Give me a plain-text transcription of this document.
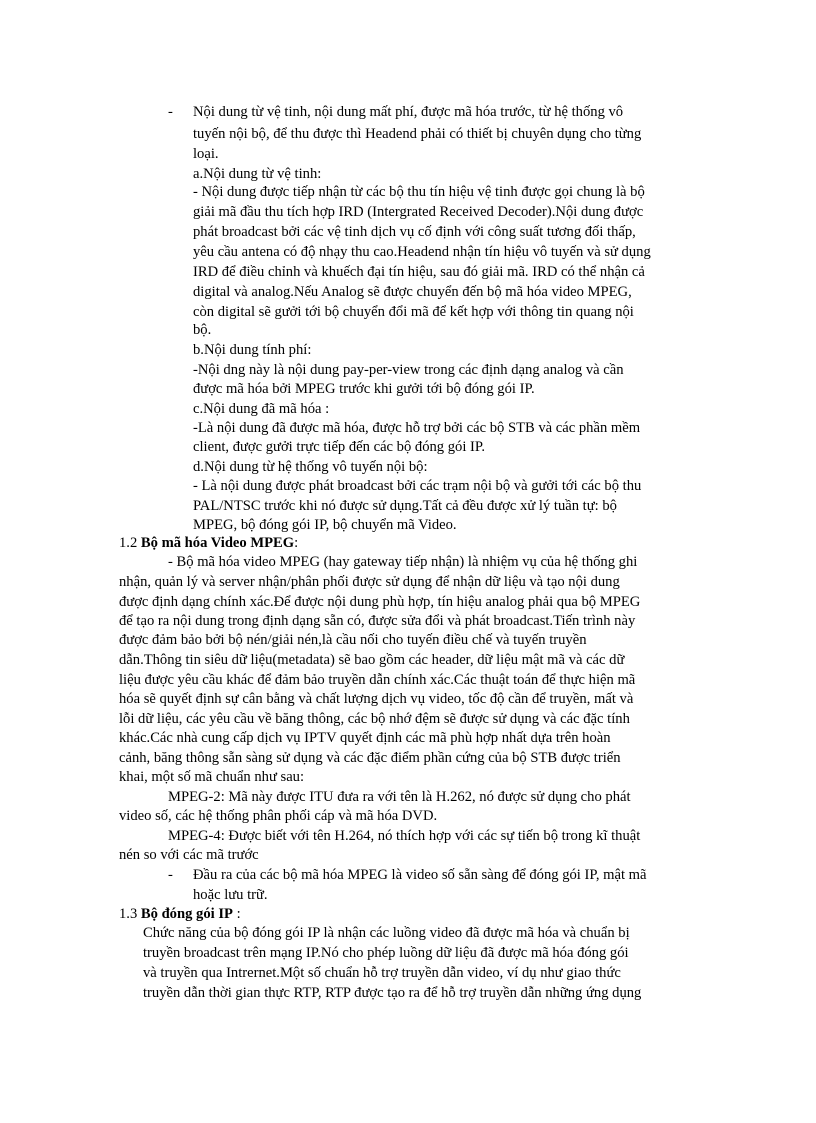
- Nội dung từ vệ tinh, nội dung mất phí, được mã hóa trước, từ hệ thống vô
tuyến nội bộ, để thu được thì Headend phải có thiết bị chuyên dụng cho từng
loại.
a.Nội dung từ vệ tinh:
- Nội dung được tiếp nhận từ các bộ thu tín hiệu vệ tinh được gọi chung là bộ
giải mã đầu thu tích hợp IRD (Intergrated Received Decoder).Nội dung được
phát broadcast bởi các vệ tinh dịch vụ cố định với công suất tương đối thấp,
yêu cầu antena có độ nhạy thu cao.Headend nhận tín hiệu vô tuyến và sử dụng
IRD để điều chỉnh và khuếch đại tín hiệu, sau đó giải mã. IRD có thể nhận cả
digital và analog.Nếu Analog sẽ được chuyển đến bộ mã hóa video MPEG,
còn digital sẽ gưởi tới bộ chuyển đổi mã để kết hợp với thông tin quang nội
bộ.
b.Nội dung tính phí:
-Nội dng này là nội dung pay-per-view trong các định dạng analog và cần
được mã hóa bởi MPEG trước khi gưởi tới bộ đóng gói IP.
c.Nội dung đã mã hóa :
-Là nội dung đã được mã hóa, được hỗ trợ bởi các bộ STB và các phần mềm
client, được gưởi trực tiếp đến các bộ đóng gói IP.
d.Nội dung từ hệ thống vô tuyến nội bộ:
- Là nội dung được phát broadcast bởi các trạm nội bộ và gưởi tới các bộ thu
PAL/NTSC trước khi nó được sử dụng.Tất cả đều được xử lý tuần tự: bộ
MPEG, bộ đóng gói IP, bộ chuyển mã Video.
1.2 Bộ mã hóa Video MPEG:
- Bộ mã hóa video MPEG (hay gateway tiếp nhận) là nhiệm vụ của hệ thống ghi
nhận, quản lý và server nhận/phân phối được sử dụng để nhận dữ liệu và tạo nội dung
được định dạng chính xác.Để được nội dung phù hợp, tín hiệu analog phải qua bộ MPEG
để tạo ra nội dung trong định dạng sẵn có, được sửa đổi và phát broadcast.Tiến trình này
được đảm bảo bởi bộ nén/giải nén,là cầu nối cho tuyến điều chế và tuyến truyền
dẫn.Thông tin siêu dữ liệu(metadata) sẽ bao gồm các header, dữ liệu mật mã và các dữ
liệu được yêu cầu khác để đảm bảo truyền dẫn chính xác.Các thuật toán để thực hiện mã
hóa sẽ quyết định sự cân bằng và chất lượng dịch vụ video, tốc độ cần để truyền, mất và
lỗi dữ liệu, các yêu cầu về băng thông, các bộ nhớ đệm sẽ được sử dụng và các đặc tính
khác.Các nhà cung cấp dịch vụ IPTV quyết định các mã phù hợp nhất dựa trên hoàn
cảnh, băng thông sẵn sàng sử dụng và các đặc điểm phần cứng của bộ STB được triển
khai, một số mã chuẩn như sau:
MPEG-2: Mã này được ITU đưa ra với tên là H.262, nó được sử dụng cho phát
video số, các hệ thống phân phối cáp và mã hóa DVD.
MPEG-4: Được biết với tên H.264, nó thích hợp với các sự tiến bộ trong kĩ thuật
nén so với các mã trước
- Đầu ra của các bộ mã hóa MPEG là video số sẵn sàng để đóng gói IP, mật mã
hoặc lưu trữ.
1.3 Bộ đóng gói IP :
Chức năng của bộ đóng gói IP là nhận các luồng video đã được mã hóa và chuẩn bị
truyền broadcast trên mạng IP.Nó cho phép luồng dữ liệu đã được mã hóa đóng gói
và truyền qua Intrernet.Một số chuẩn hỗ trợ truyền dẫn video, ví dụ như giao thức
truyền dẫn thời gian thực RTP, RTP được tạo ra để hỗ trợ truyền dẫn những ứng dụng
